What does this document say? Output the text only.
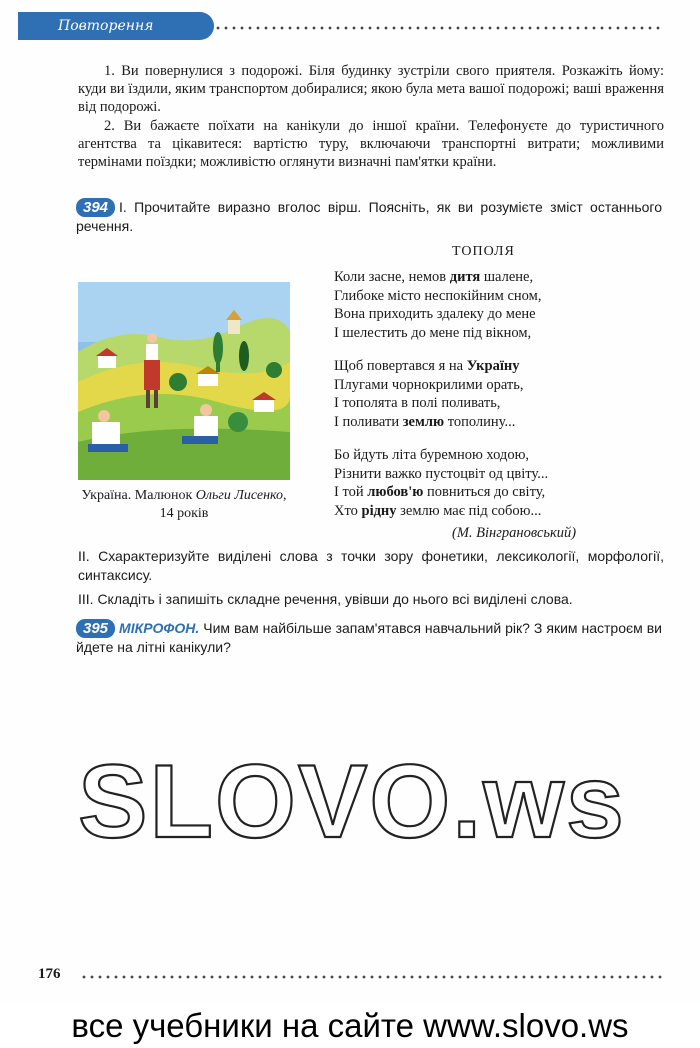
Повторення
1. Ви повернулися з подорожі. Біля будинку зустріли свого приятеля. Розкажіть йому: куди ви їздили, яким транспортом добиралися; якою була мета вашої подорожі; ваші враження від подорожі.
2. Ви бажаєте поїхати на канікули до іншої країни. Телефонуєте до туристичного агентства та цікавитеся: вартістю туру, включаючи транспортні витрати; можливими термінами поїздки; можливістю оглянути визначні пам'ятки країни.
394 I. Прочитайте виразно вголос вірш. Поясніть, як ви розумієте зміст останнього речення.
ТОПОЛЯ
Коли засне, немов дитя шалене,
Глибоке місто неспокійним сном,
Вона приходить здалеку до мене
І шелестить до мене під вікном,
Щоб повертався я на Україну
Плугами чорнокрилими орать,
І тополята в полі поливать,
І поливати землю тополину...
Бо йдуть літа буремною ходою,
Різнити важко пустоцвіт од цвіту...
І той любов'ю повниться до світу,
Хто рідну землю має під собою...
(М. Вінграновський)
Україна. Малюнок Ольги Лисенко, 14 років
II. Схарактеризуйте виділені слова з точки зору фонетики, лексикології, морфології, синтаксису.
III. Складіть і запишіть складне речення, увівши до нього всі виділені слова.
395 МІКРОФОН. Чим вам найбільше запам'ятався навчальний рік? З яким настроєм ви йдете на літні канікули?
SLOVO.ws
176
все учебники на сайте www.slovo.ws
